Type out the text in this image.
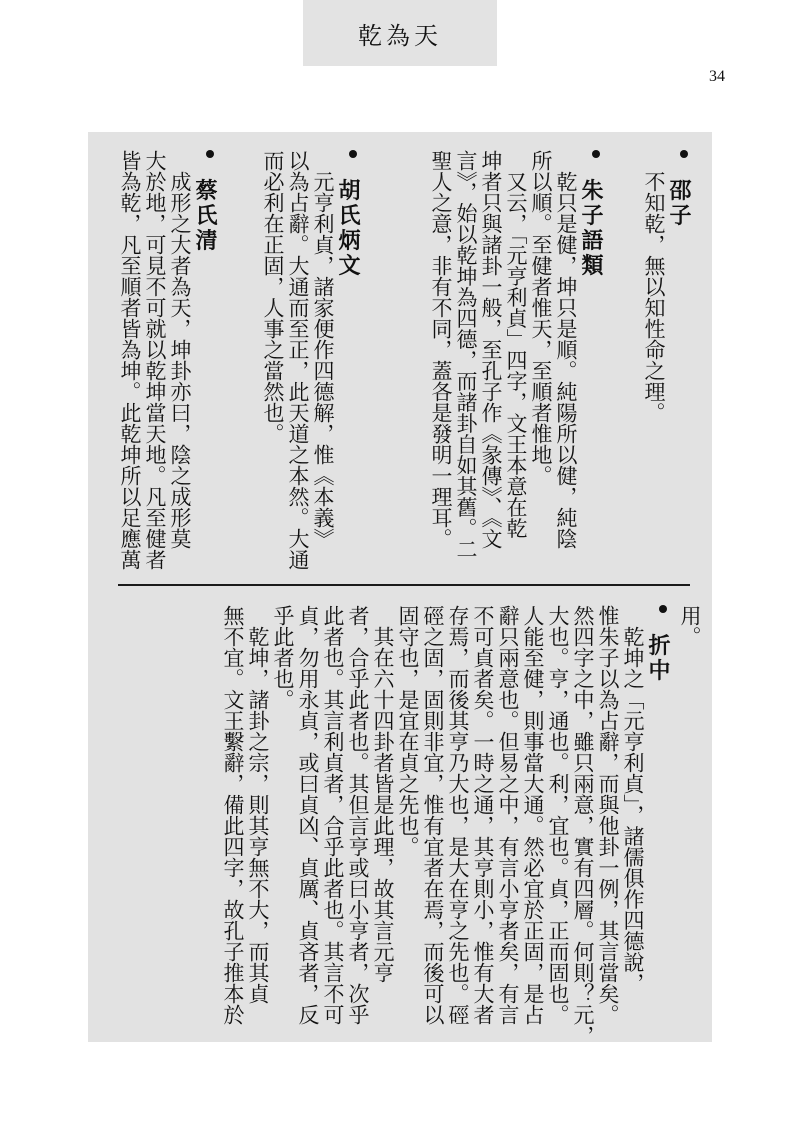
乾為天
34
邵子
不知乾，無以知性命之理。
朱子語類
乾只是健，坤只是順。純陽所以健，純陰
所以順。至健者惟天，至順者惟地。
又云，「元亨利貞」四字，文王本意在乾
坤者只與諸卦一般，至孔子作《彖傳》、《文
言》，始以乾坤為四德，而諸卦自如其舊。二
聖人之意，非有不同，蓋各是發明一理耳。
胡氏炳文
元亨利貞，諸家便作四德解，惟《本義》
以為占辭。大通而至正，此天道之本然。大通
而必利在正固，人事之當然也。
蔡氏清
成形之大者為天，坤卦亦曰，陰之成形莫
大於地，可見不可就以乾坤當天地。凡至健者
皆為乾，凡至順者皆為坤。此乾坤所以足應萬
用。
折中
乾坤之「元亨利貞」，諸儒俱作四德說，
惟朱子以為占辭，而與他卦一例，其言當矣。
然四字之中，雖只兩意，實有四層。何則？元，
大也。亨，通也。利，宜也。貞，正而固也。
人能至健，則事當大通。然必宜於正固，是占
辭只兩意也。但易之中，有言小亨者矣，有言
不可貞者矣。一時之通，其亨則小，惟有大者
存焉，而後其亨乃大也，是大在亨之先也。硜
硜之固，固則非宜，惟有宜者在焉，而後可以
固守也，是宜在貞之先也。
其在六十四卦者皆是此理，故其言元亨
者，合乎此者也。其但言亨或曰小亨者，次乎
此者也。其言利貞者，合乎此者也。其言不可
貞，勿用永貞，或曰貞凶、貞厲、貞吝者，反
乎此者也。
乾坤，諸卦之宗，則其亨無不大，而其貞
無不宜。文王繫辭，備此四字，故孔子推本於
